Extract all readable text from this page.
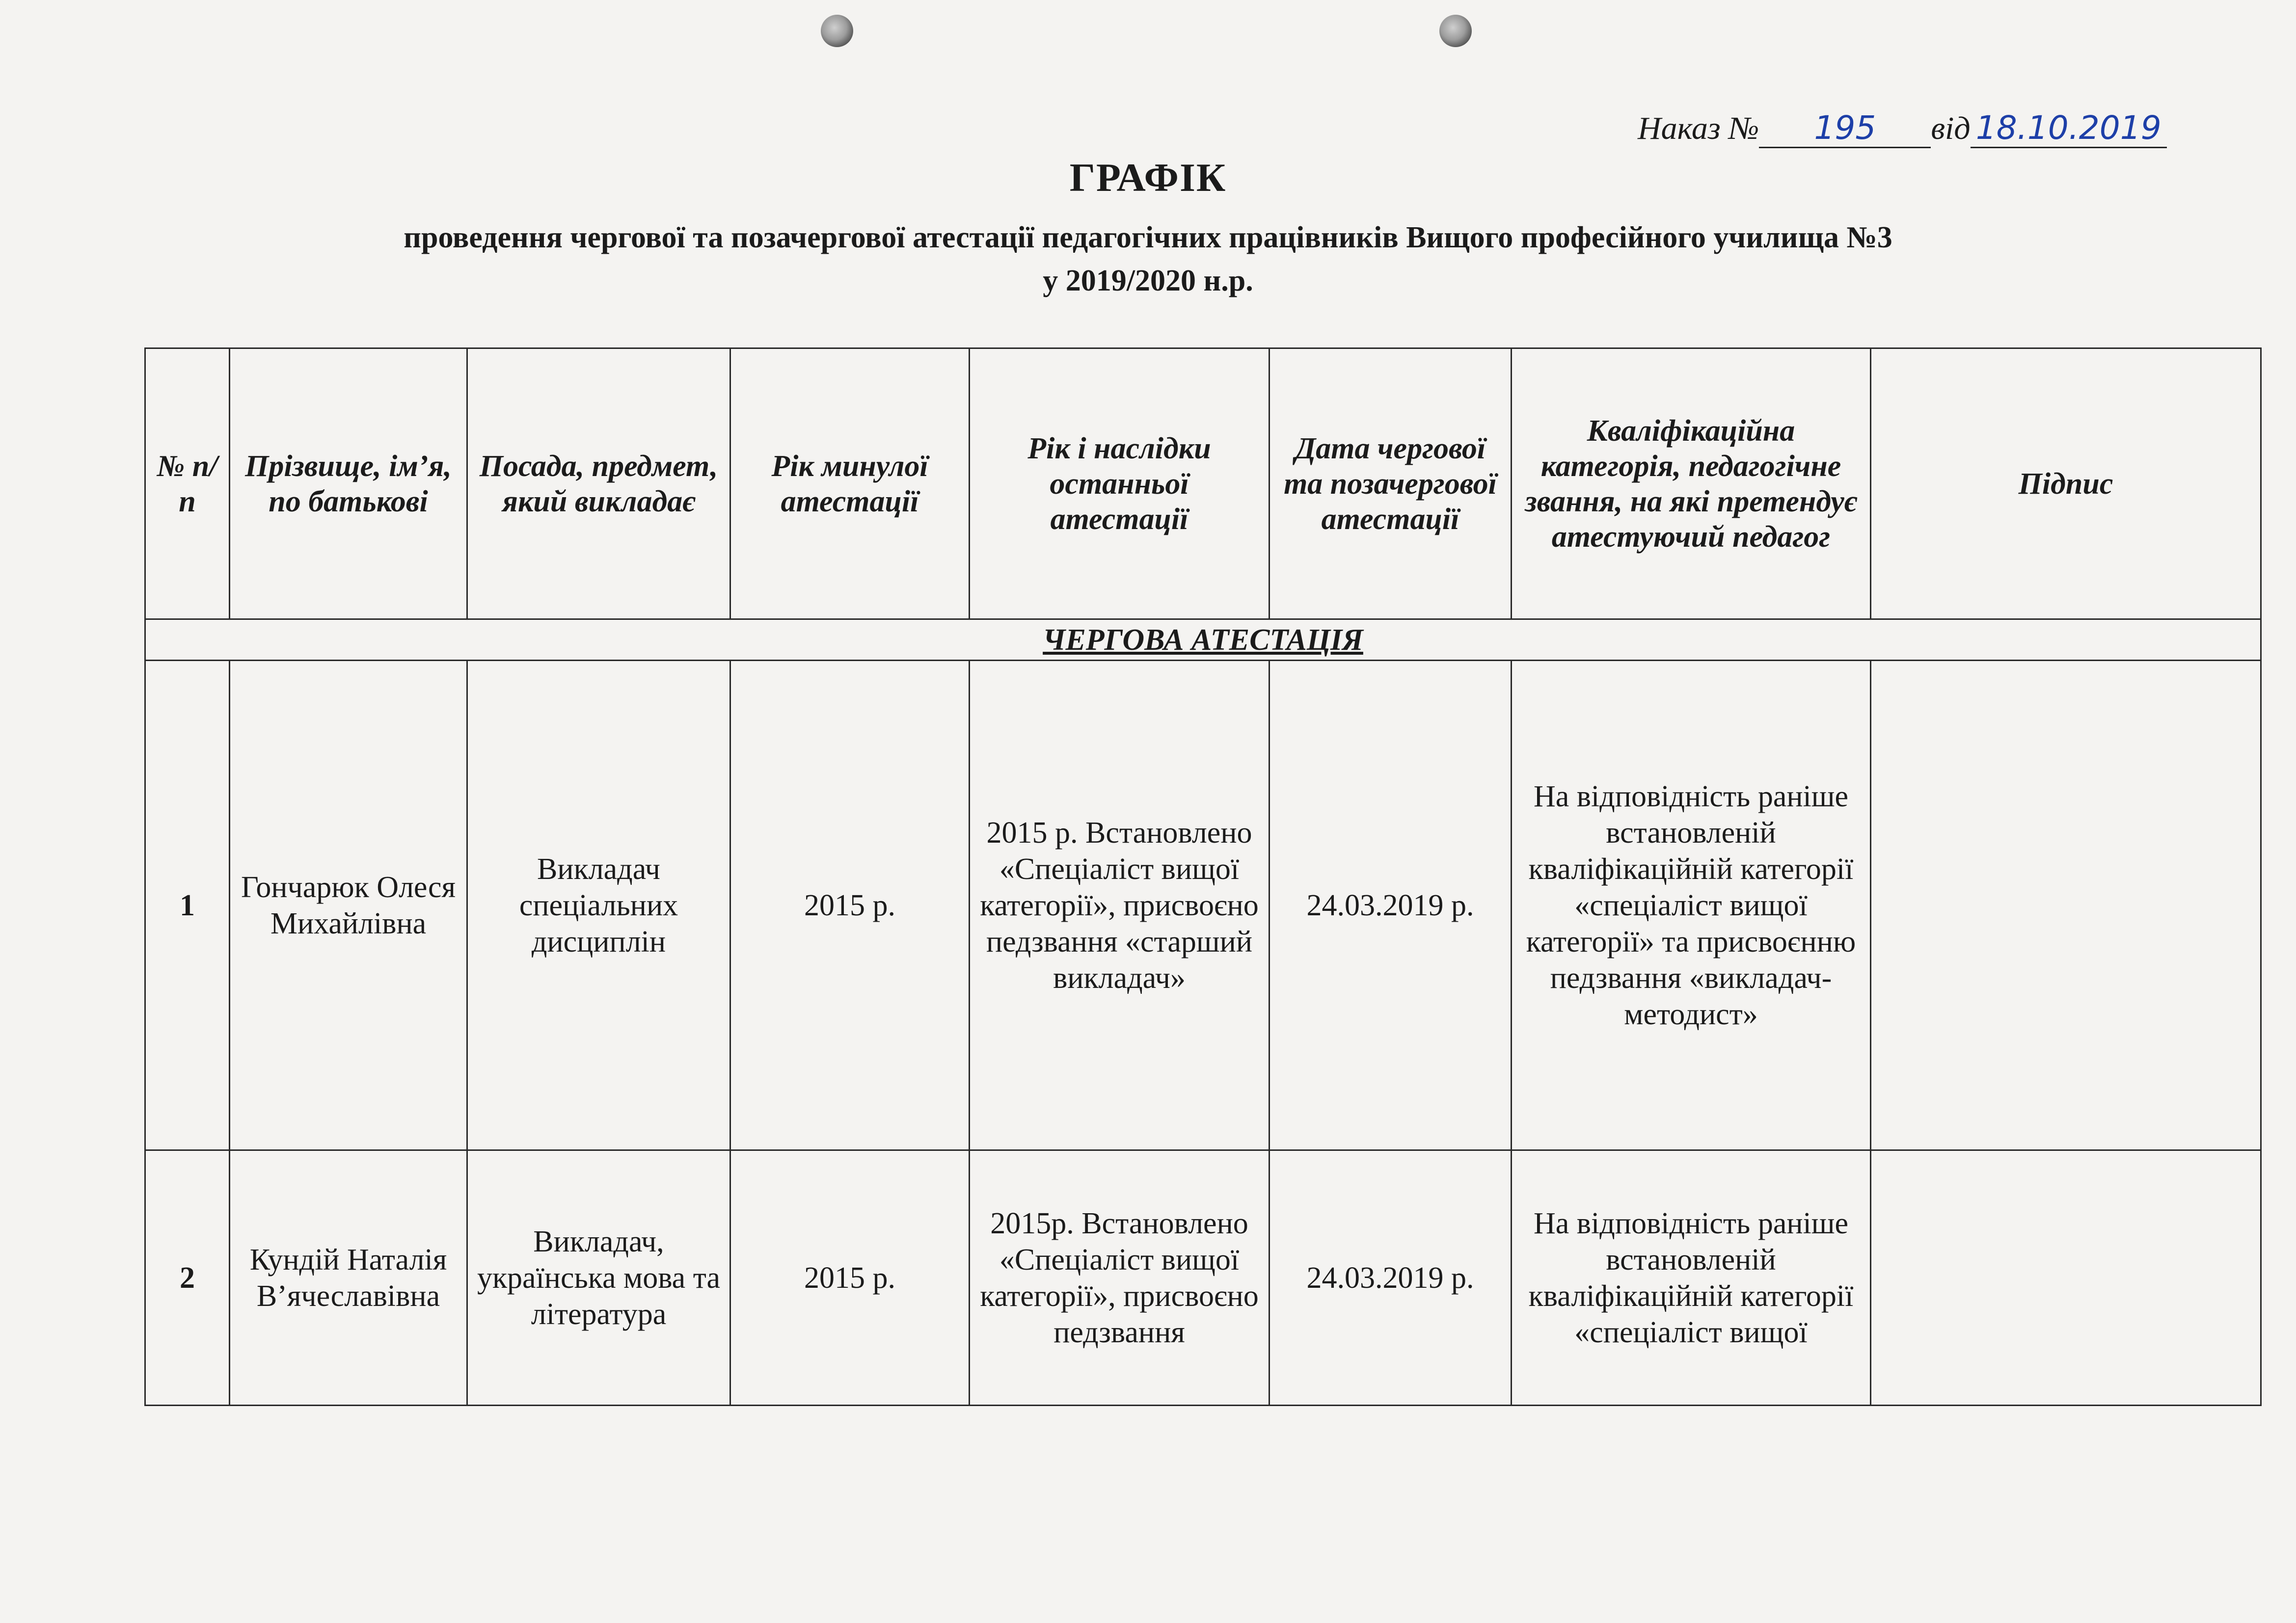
Наказ № 195 від 18.10.2019
ГРАФІК
проведення чергової та позачергової атестації педагогічних працівників Вищого професійного училища №3
у 2019/2020 н.р.
№ п/п	Прізвище, ім’я, по батькові	Посада, предмет, який викладає	Рік минулої атестації	Рік і наслідки останньої атестації	Дата чергової та позачергової атестації	Кваліфікаційна категорія, педагогічне звання, на які претендує атестуючий педагог	Підпис
ЧЕРГОВА АТЕСТАЦІЯ							
1	Гончарюк Олеся Михайлівна	Викладач спеціальних дисциплін	2015 р.	2015 р. Встановлено «Спеціаліст вищої категорії», присвоєно педзвання «старший викладач»	24.03.2019 р.	На відповідність раніше встановленій кваліфікаційній категорії «спеціаліст вищої категорії» та присвоєнню педзвання «викладач-методист»	
2	Кундій Наталія В’ячеславівна	Викладач, українська мова та література	2015 р.	2015р. Встановлено «Спеціаліст вищої категорії», присвоєно педзвання	24.03.2019 р.	На відповідність раніше встановленій кваліфікаційній категорії «спеціаліст вищої	
